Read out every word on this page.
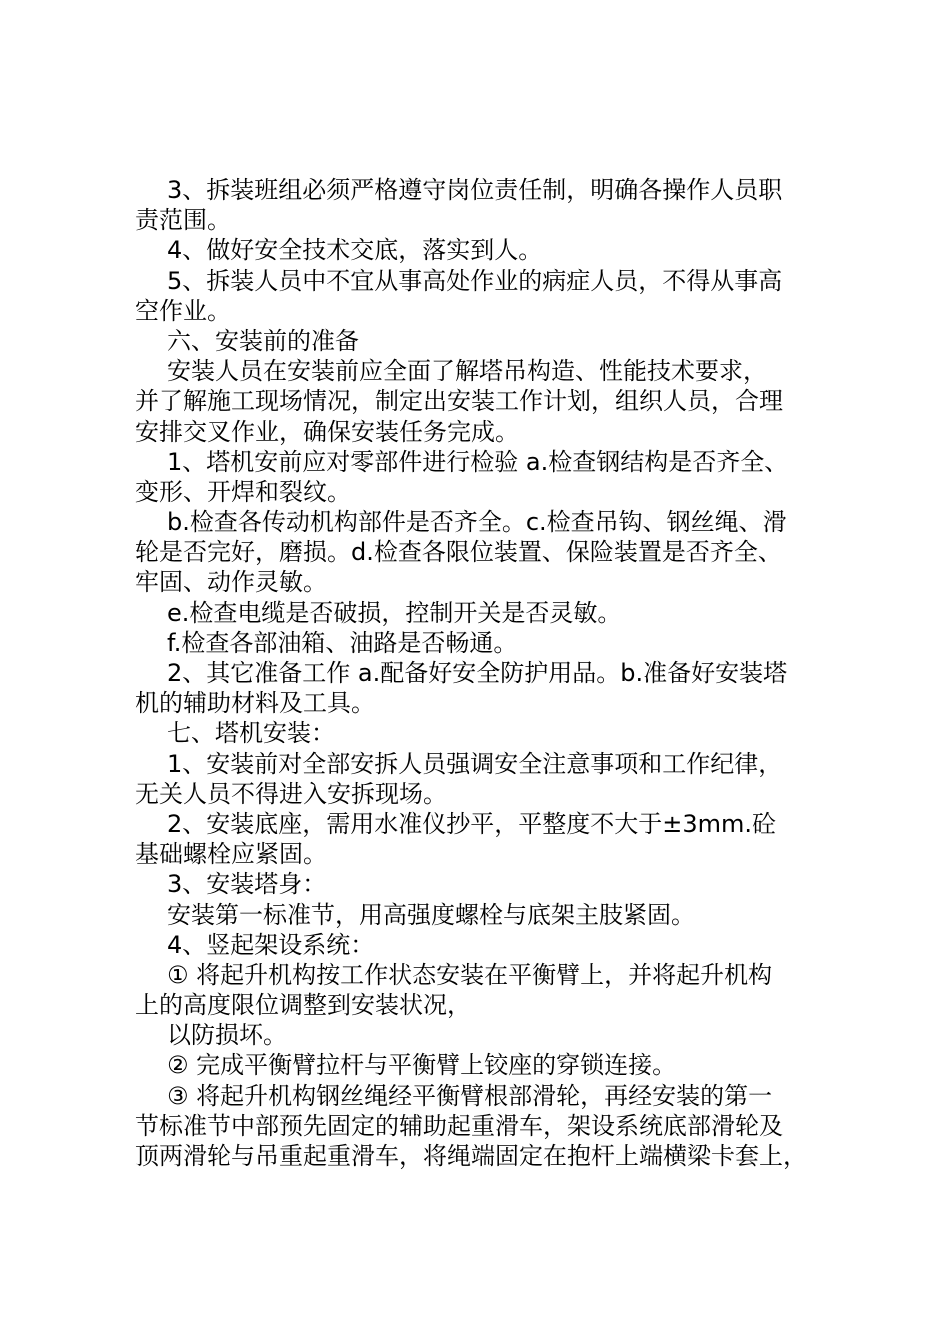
3、拆装班组必须严格遵守岗位责任制，明确各操作人员职
责范围。
4、做好安全技术交底，落实到人。
5、拆装人员中不宜从事高处作业的病症人员，不得从事高
空作业。
六、安装前的准备
安装人员在安装前应全面了解塔吊构造、性能技术要求，
并了解施工现场情况，制定出安装工作计划，组织人员，合理
安排交叉作业，确保安装任务完成。
1、塔机安前应对零部件进行检验 a.检查钢结构是否齐全、
变形、开焊和裂纹。
b.检查各传动机构部件是否齐全。c.检查吊钩、钢丝绳、滑
轮是否完好，磨损。d.检查各限位装置、保险装置是否齐全、
牢固、动作灵敏。
e.检查电缆是否破损，控制开关是否灵敏。
f.检查各部油箱、油路是否畅通。
2、其它准备工作 a.配备好安全防护用品。b.准备好安装塔
机的辅助材料及工具。
七、塔机安装：
1、安装前对全部安拆人员强调安全注意事项和工作纪律，
无关人员不得进入安拆现场。
2、安装底座，需用水准仪抄平，平整度不大于±3mm.砼
基础螺栓应紧固。
3、安装塔身：
安装第一标准节，用高强度螺栓与底架主肢紧固。
4、竖起架设系统：
① 将起升机构按工作状态安装在平衡臂上，并将起升机构
上的高度限位调整到安装状况，
以防损坏。
② 完成平衡臂拉杆与平衡臂上铰座的穿锁连接。
③ 将起升机构钢丝绳经平衡臂根部滑轮，再经安装的第一
节标准节中部预先固定的辅助起重滑车，架设系统底部滑轮及
顶两滑轮与吊重起重滑车，将绳端固定在抱杆上端横梁卡套上，
